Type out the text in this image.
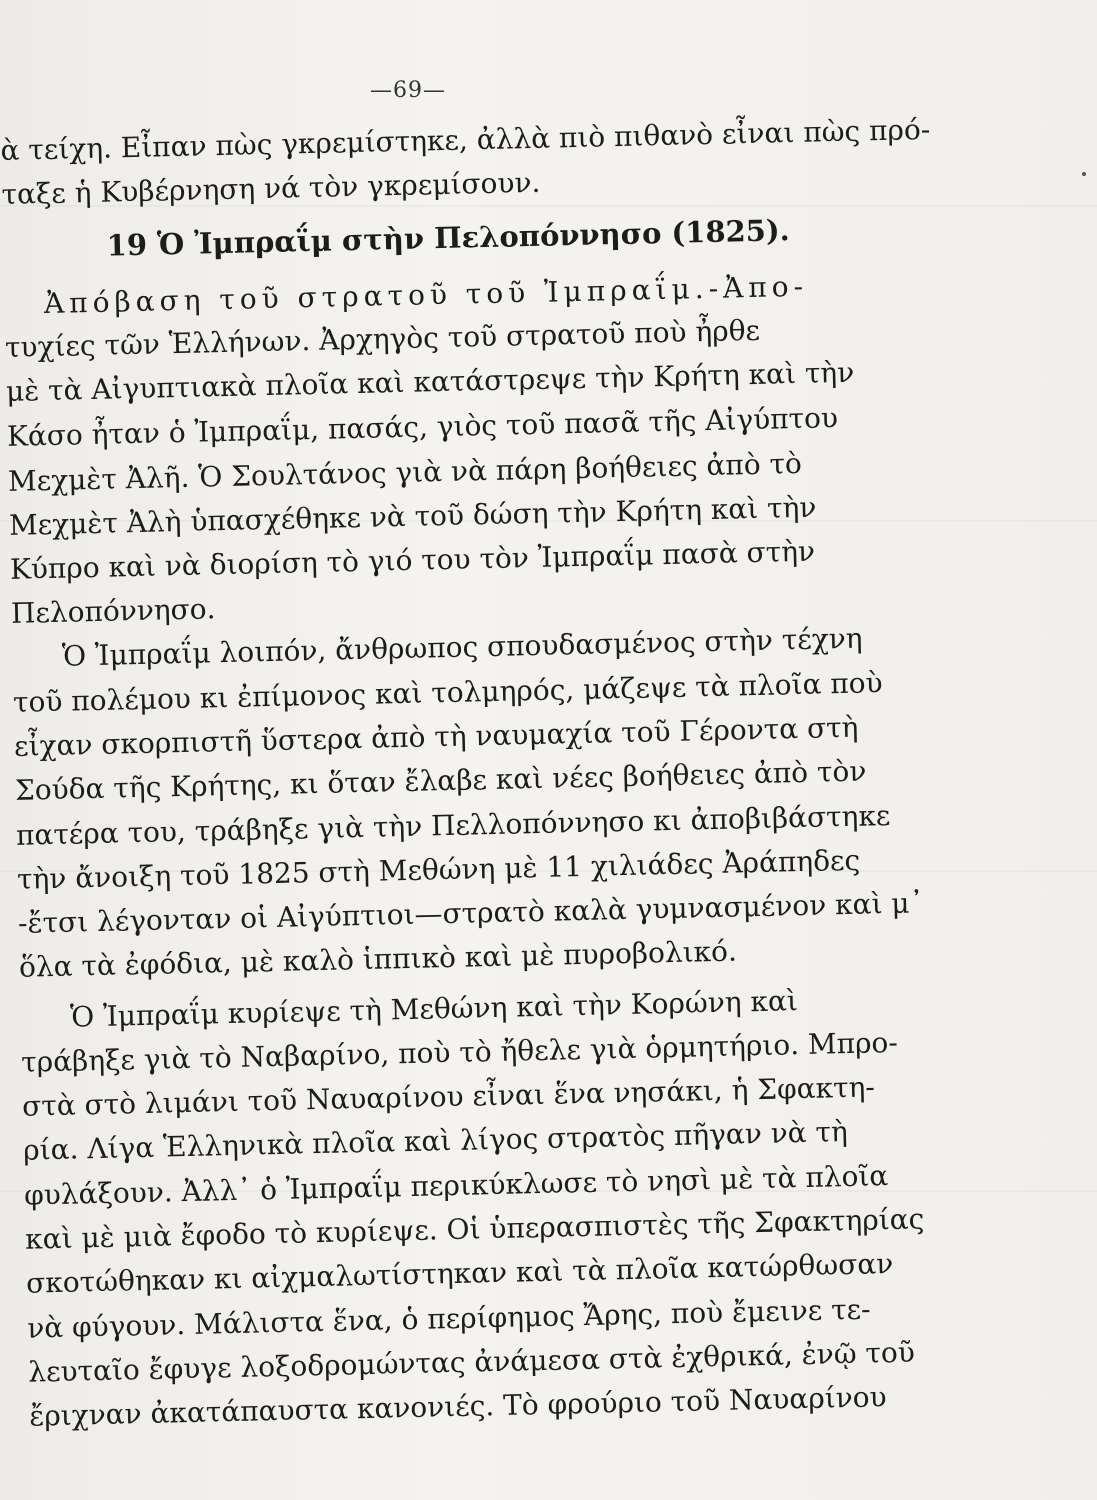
—69—
ὰ τείχη. Εἶπαν πὼς γκρεμίστηκε, ἀλλὰ πιὸ πιθανὸ εἶναι πὼς πρό-
ταξε ἡ Κυβέρνηση νά τὸν γκρεμίσουν.
19 Ὁ Ἰμπραΐμ στὴν Πελοπόννησο (1825).
Ἀπόβαση τοῦ στρατοῦ τοῦ Ἰμπραΐμ.-Ἀπο-
τυχίες τῶν Ἑλλήνων. Ἀρχηγὸς τοῦ στρατοῦ ποὺ ἦρθε
μὲ τὰ Αἰγυπτιακὰ πλοῖα καὶ κατάστρεψε τὴν Κρήτη καὶ τὴν
Κάσο ἦταν ὁ Ἰμπραΐμ, πασάς, γιὸς τοῦ πασᾶ τῆς Αἰγύπτου
Μεχμὲτ Ἀλῆ. Ὁ Σουλτάνος γιὰ νὰ πάρη βοήθειες ἀπὸ τὸ
Μεχμὲτ Ἀλὴ ὑπασχέθηκε νὰ τοῦ δώση τὴν Κρήτη καὶ τὴν
Κύπρο καὶ νὰ διορίση τὸ γιό του τὸν Ἰμπραΐμ πασὰ στὴν
Πελοπόννησο.
Ὁ Ἰμπραΐμ λοιπόν, ἄνθρωπος σπουδασμένος στὴν τέχνη
τοῦ πολέμου κι ἐπίμονος καὶ τολμηρός, μάζεψε τὰ πλοῖα ποὺ
εἶχαν σκορπιστῆ ὕστερα ἀπὸ τὴ ναυμαχία τοῦ Γέροντα στὴ
Σούδα τῆς Κρήτης, κι ὅταν ἔλαβε καὶ νέες βοήθειες ἀπὸ τὸν
πατέρα του, τράβηξε γιὰ τὴν Πελλοπόννησο κι ἀποβιβάστηκε
τὴν ἄνοιξη τοῦ 1825 στὴ Μεθώνη μὲ 11 χιλιάδες Ἀράπηδες
-ἔτσι λέγονταν οἱ Αἰγύπτιοι—στρατὸ καλὰ γυμνασμένον καὶ μ᾽
ὅλα τὰ ἐφόδια, μὲ καλὸ ἱππικὸ καὶ μὲ πυροβολικό.
Ὁ Ἰμπραΐμ κυρίεψε τὴ Μεθώνη καὶ τὴν Κορώνη καὶ
τράβηξε γιὰ τὸ Ναβαρίνο, ποὺ τὸ ἤθελε γιὰ ὁρμητήριο. Μπρο-
στὰ στὸ λιμάνι τοῦ Ναυαρίνου εἶναι ἕνα νησάκι, ἡ Σφακτη-
ρία. Λίγα Ἑλληνικὰ πλοῖα καὶ λίγος στρατὸς πῆγαν νὰ τὴ
φυλάξουν. Ἀλλ᾽ ὁ Ἰμπραΐμ περικύκλωσε τὸ νησὶ μὲ τὰ πλοῖα
καὶ μὲ μιὰ ἔφοδο τὸ κυρίεψε. Οἱ ὑπερασπιστὲς τῆς Σφακτηρίας
σκοτώθηκαν κι αἰχμαλωτίστηκαν καὶ τὰ πλοῖα κατώρθωσαν
νὰ φύγουν. Μάλιστα ἕνα, ὁ περίφημος Ἄρης, ποὺ ἔμεινε τε-
λευταῖο ἔφυγε λοξοδρομώντας ἀνάμεσα στὰ ἐχθρικά, ἐνῷ τοῦ
ἔριχναν ἀκατάπαυστα κανονιές. Τὸ φρούριο τοῦ Ναυαρίνου
